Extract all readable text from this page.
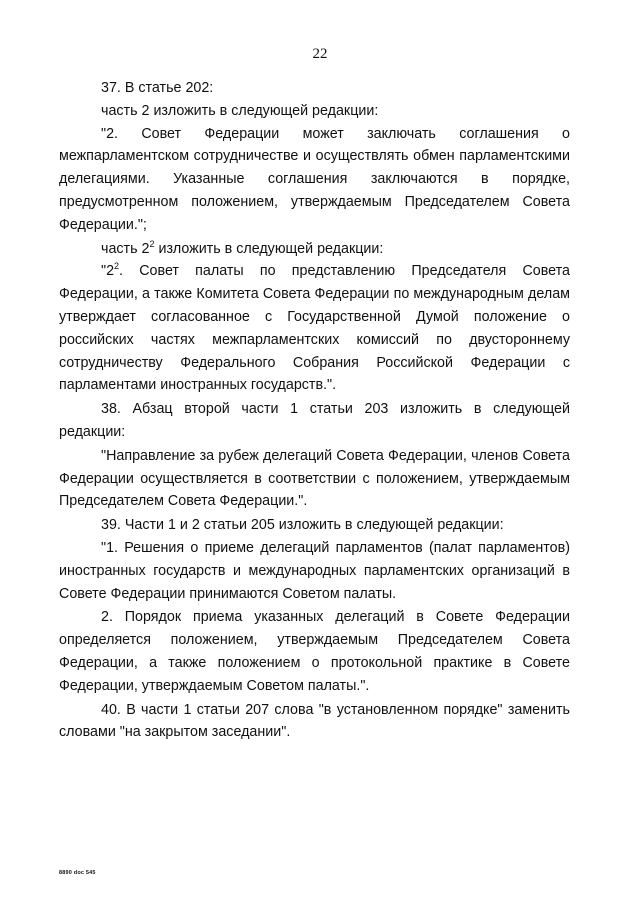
22

37. В статье 202:

часть 2 изложить в следующей редакции:

"2. Совет Федерации может заключать соглашения о межпарламентском сотрудничестве и осуществлять обмен парламентскими делегациями. Указанные соглашения заключаются в порядке, предусмотренном положением, утверждаемым Председателем Совета Федерации.";

часть $2^2$ изложить в следующей редакции:

"$2^2$. Совет палаты по представлению Председателя Совета Федерации, а также Комитета Совета Федерации по международным делам утверждает согласованное с Государственной Думой положение о российских частях межпарламентских комиссий по двустороннему сотрудничеству Федерального Собрания Российской Федерации с парламентами иностранных государств.".

38. Абзац второй части 1 статьи 203 изложить в следующей редакции:

"Направление за рубеж делегаций Совета Федерации, членов Совета Федерации осуществляется в соответствии с положением, утверждаемым Председателем Совета Федерации.".

39. Части 1 и 2 статьи 205 изложить в следующей редакции:

"1. Решения о приеме делегаций парламентов (палат парламентов) иностранных государств и международных парламентских организаций в Совете Федерации принимаются Советом палаты.

2. Порядок приема указанных делегаций в Совете Федерации определяется положением, утверждаемым Председателем Совета Федерации, а также положением о протокольной практике в Совете Федерации, утверждаемым Советом палаты.".

40. В части 1 статьи 207 слова "в установленном порядке" заменить словами "на закрытом заседании".

8890 doc 545
